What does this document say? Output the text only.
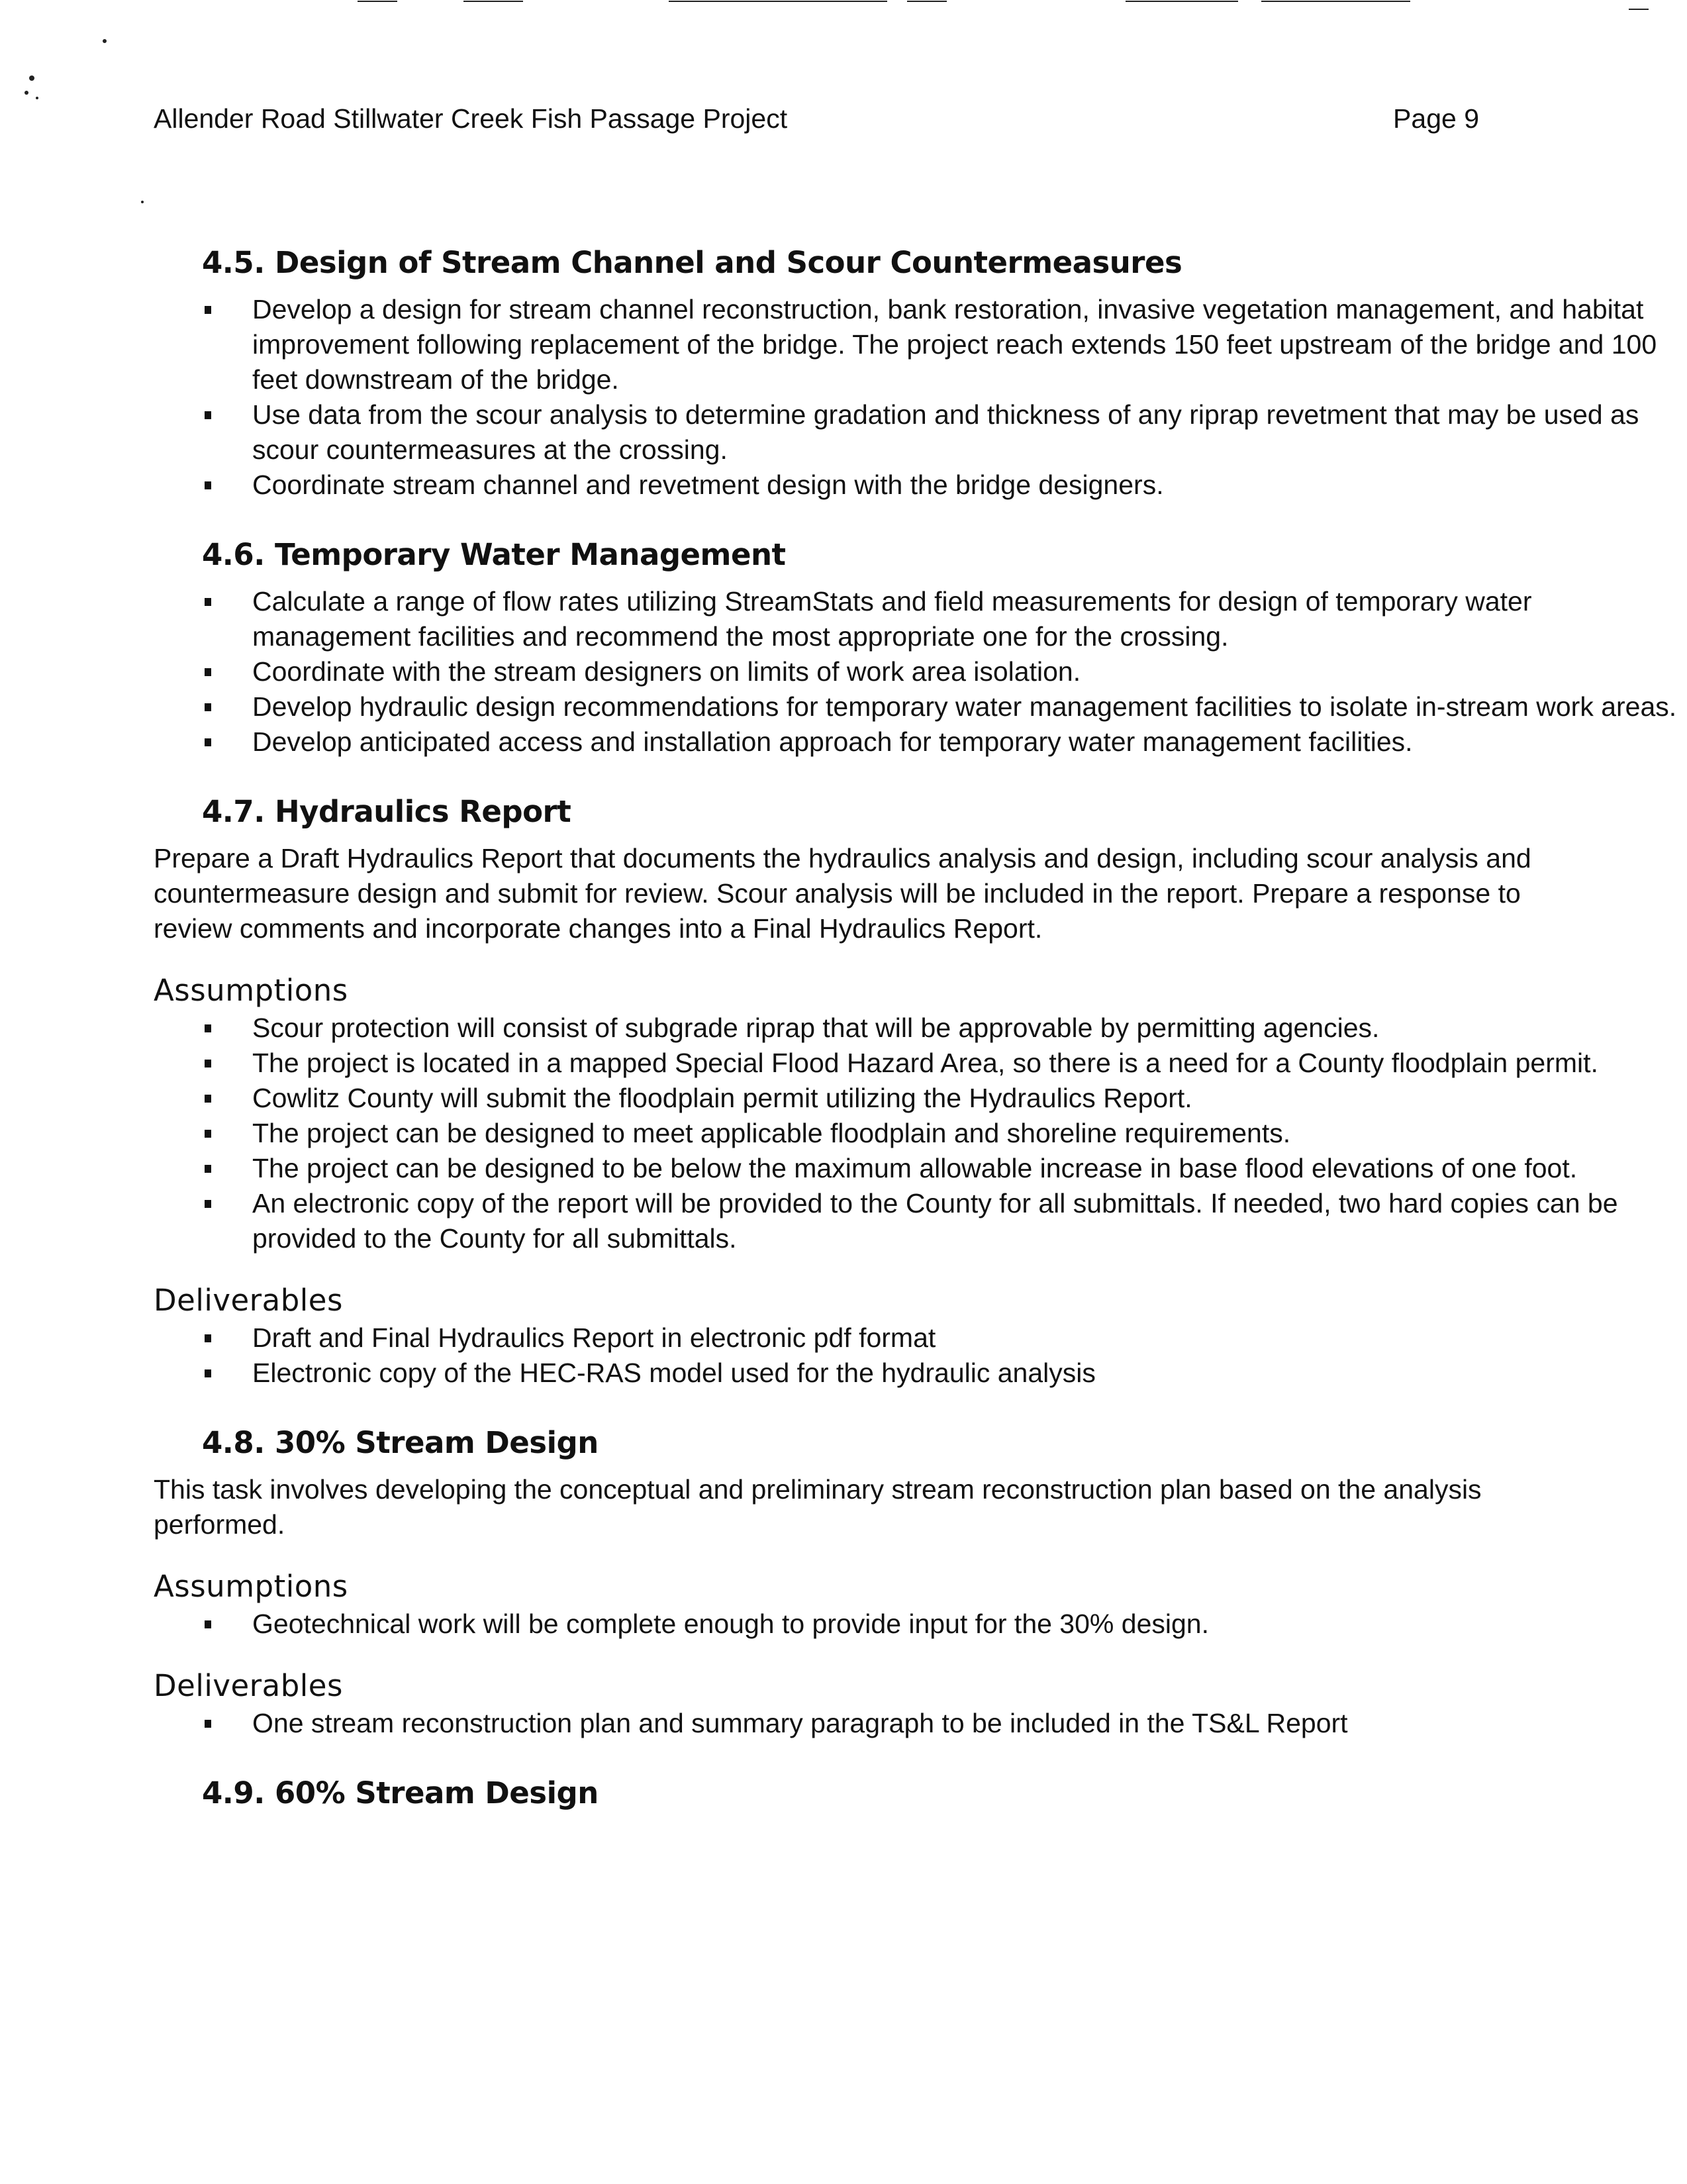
Allender Road Stillwater Creek Fish Passage Project	Page 9
4.5. Design of Stream Channel and Scour Countermeasures
Develop a design for stream channel reconstruction, bank restoration, invasive vegetation management, and habitat improvement following replacement of the bridge. The project reach extends 150 feet upstream of the bridge and 100 feet downstream of the bridge.
Use data from the scour analysis to determine gradation and thickness of any riprap revetment that may be used as scour countermeasures at the crossing.
Coordinate stream channel and revetment design with the bridge designers.
4.6. Temporary Water Management
Calculate a range of flow rates utilizing StreamStats and field measurements for design of temporary water management facilities and recommend the most appropriate one for the crossing.
Coordinate with the stream designers on limits of work area isolation.
Develop hydraulic design recommendations for temporary water management facilities to isolate in-stream work areas.
Develop anticipated access and installation approach for temporary water management facilities.
4.7. Hydraulics Report

Prepare a Draft Hydraulics Report that documents the hydraulics analysis and design, including scour analysis and countermeasure design and submit for review. Scour analysis will be included in the report. Prepare a response to review comments and incorporate changes into a Final Hydraulics Report.

Assumptions
Scour protection will consist of subgrade riprap that will be approvable by permitting agencies.
The project is located in a mapped Special Flood Hazard Area, so there is a need for a County floodplain permit.
Cowlitz County will submit the floodplain permit utilizing the Hydraulics Report.
The project can be designed to meet applicable floodplain and shoreline requirements.
The project can be designed to be below the maximum allowable increase in base flood elevations of one foot.
An electronic copy of the report will be provided to the County for all submittals. If needed, two hard copies can be provided to the County for all submittals.
Deliverables
Draft and Final Hydraulics Report in electronic pdf format
Electronic copy of the HEC-RAS model used for the hydraulic analysis
4.8. 30% Stream Design

This task involves developing the conceptual and preliminary stream reconstruction plan based on the analysis performed.

Assumptions
Geotechnical work will be complete enough to provide input for the 30% design.
Deliverables
One stream reconstruction plan and summary paragraph to be included in the TS&L Report
4.9. 60% Stream Design
